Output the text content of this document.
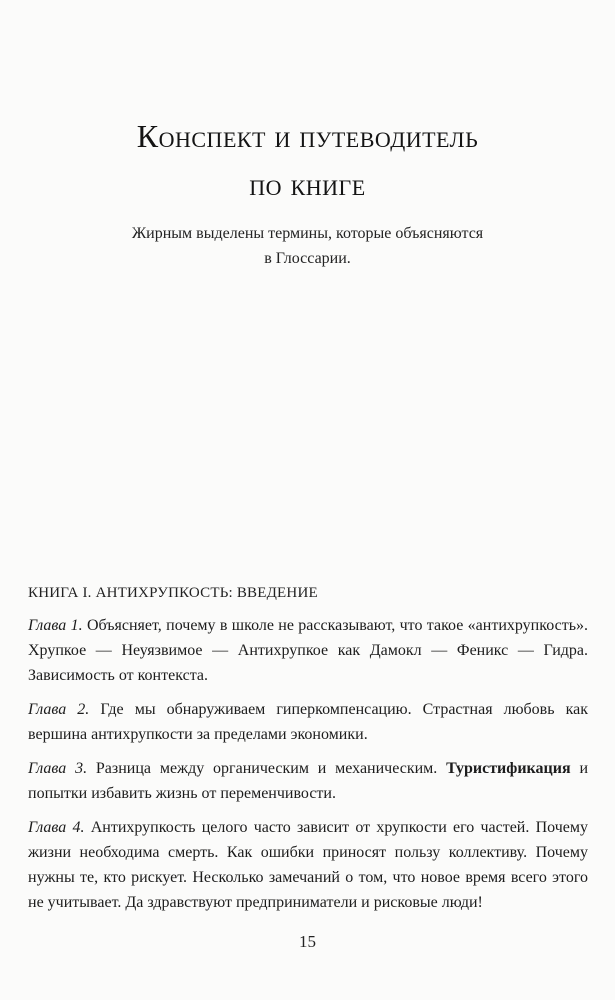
Конспект и путеводитель
по книге
Жирным выделены термины, которые объясняются
в Глоссарии.
КНИГА I. АНТИХРУПКОСТЬ: ВВЕДЕНИЕ

Глава 1. Объясняет, почему в школе не рассказывают, что такое «антихрупкость». Хрупкое — Неуязвимое — Антихрупкое как Дамокл — Феникс — Гидра. Зависимость от контекста.

Глава 2. Где мы обнаруживаем гиперкомпенсацию. Страстная любовь как вершина антихрупкости за пределами экономики.

Глава 3. Разница между органическим и механическим. Туристификация и попытки избавить жизнь от переменчивости.

Глава 4. Антихрупкость целого часто зависит от хрупкости его частей. Почему жизни необходима смерть. Как ошибки приносят пользу коллективу. Почему нужны те, кто рискует. Несколько замечаний о том, что новое время всего этого не учитывает. Да здравствуют предприниматели и рисковые люди!

15
